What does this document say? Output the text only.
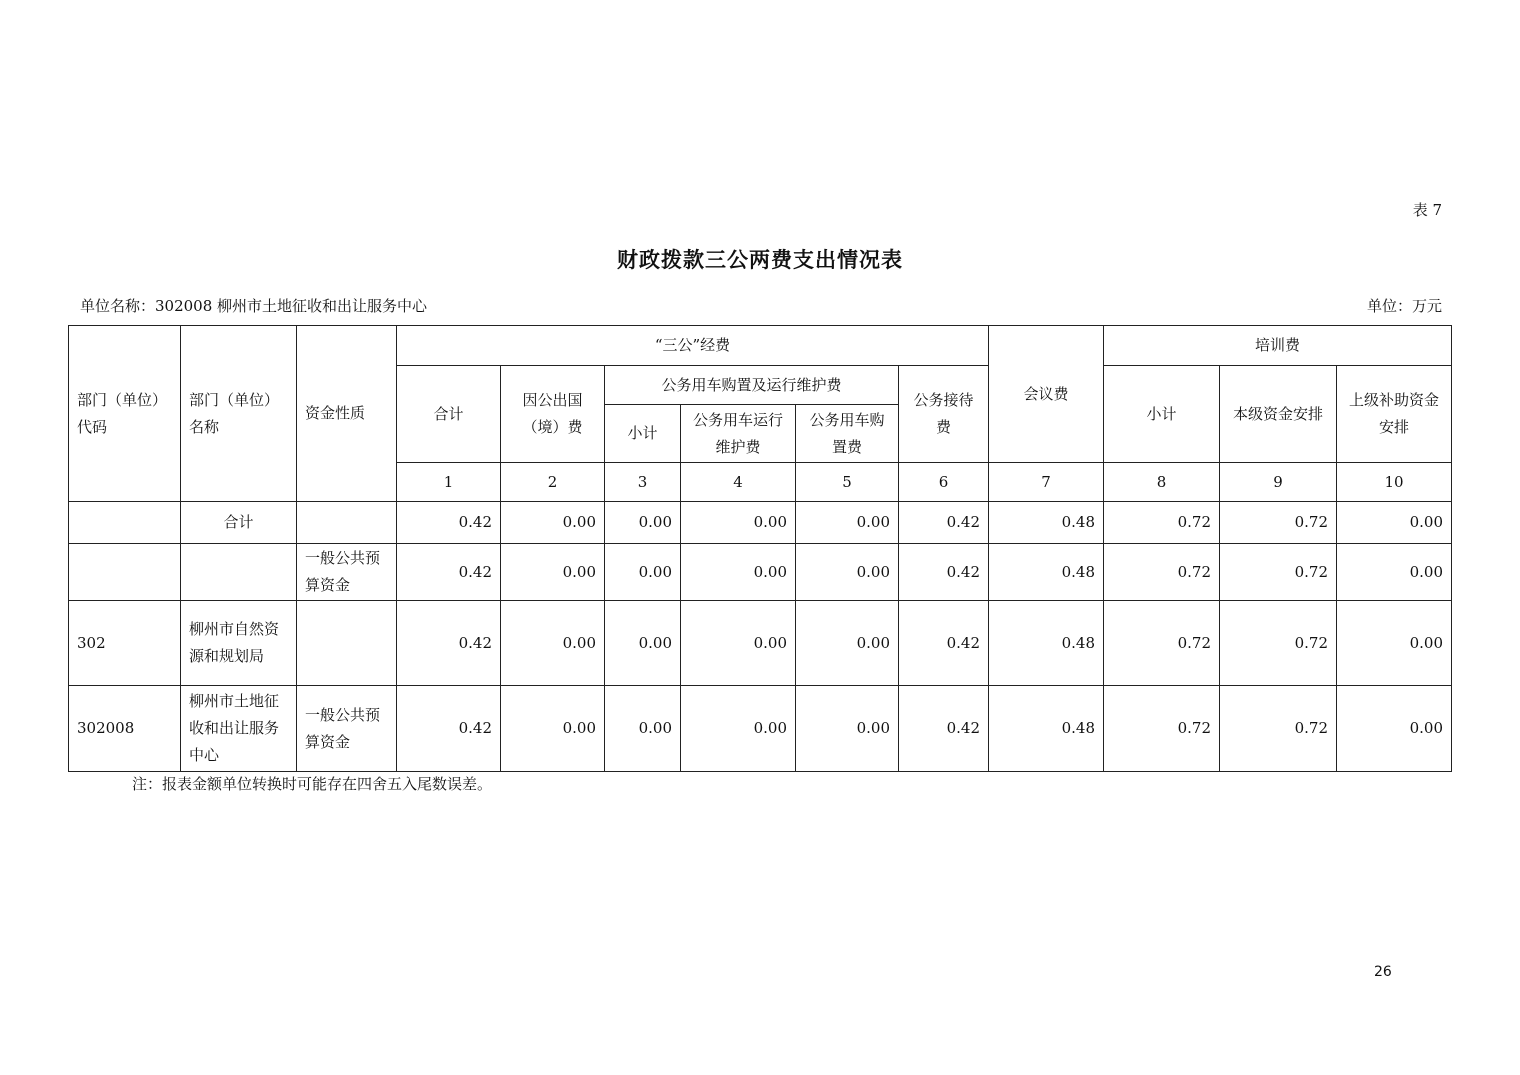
表 7
财政拨款三公两费支出情况表
单位名称：302008 柳州市土地征收和出让服务中心	单位：万元
部门（单位）代码	部门（单位）名称	资金性质	“三公”经费						会议费	培训费		
			合计	因公出国（境）费	公务用车购置及运行维护费			公务接待费		小计	本级资金安排	上级补助资金安排
					小计	公务用车运行维护费	公务用车购置费					
			1	2	3	4	5	6	7	8	9	10
	合计		0.42	0.00	0.00	0.00	0.00	0.42	0.48	0.72	0.72	0.00
		一般公共预算资金	0.42	0.00	0.00	0.00	0.00	0.42	0.48	0.72	0.72	0.00
302	柳州市自然资源和规划局		0.42	0.00	0.00	0.00	0.00	0.42	0.48	0.72	0.72	0.00
302008	柳州市土地征收和出让服务中心	一般公共预算资金	0.42	0.00	0.00	0.00	0.00	0.42	0.48	0.72	0.72	0.00
注：报表金额单位转换时可能存在四舍五入尾数误差。
26
